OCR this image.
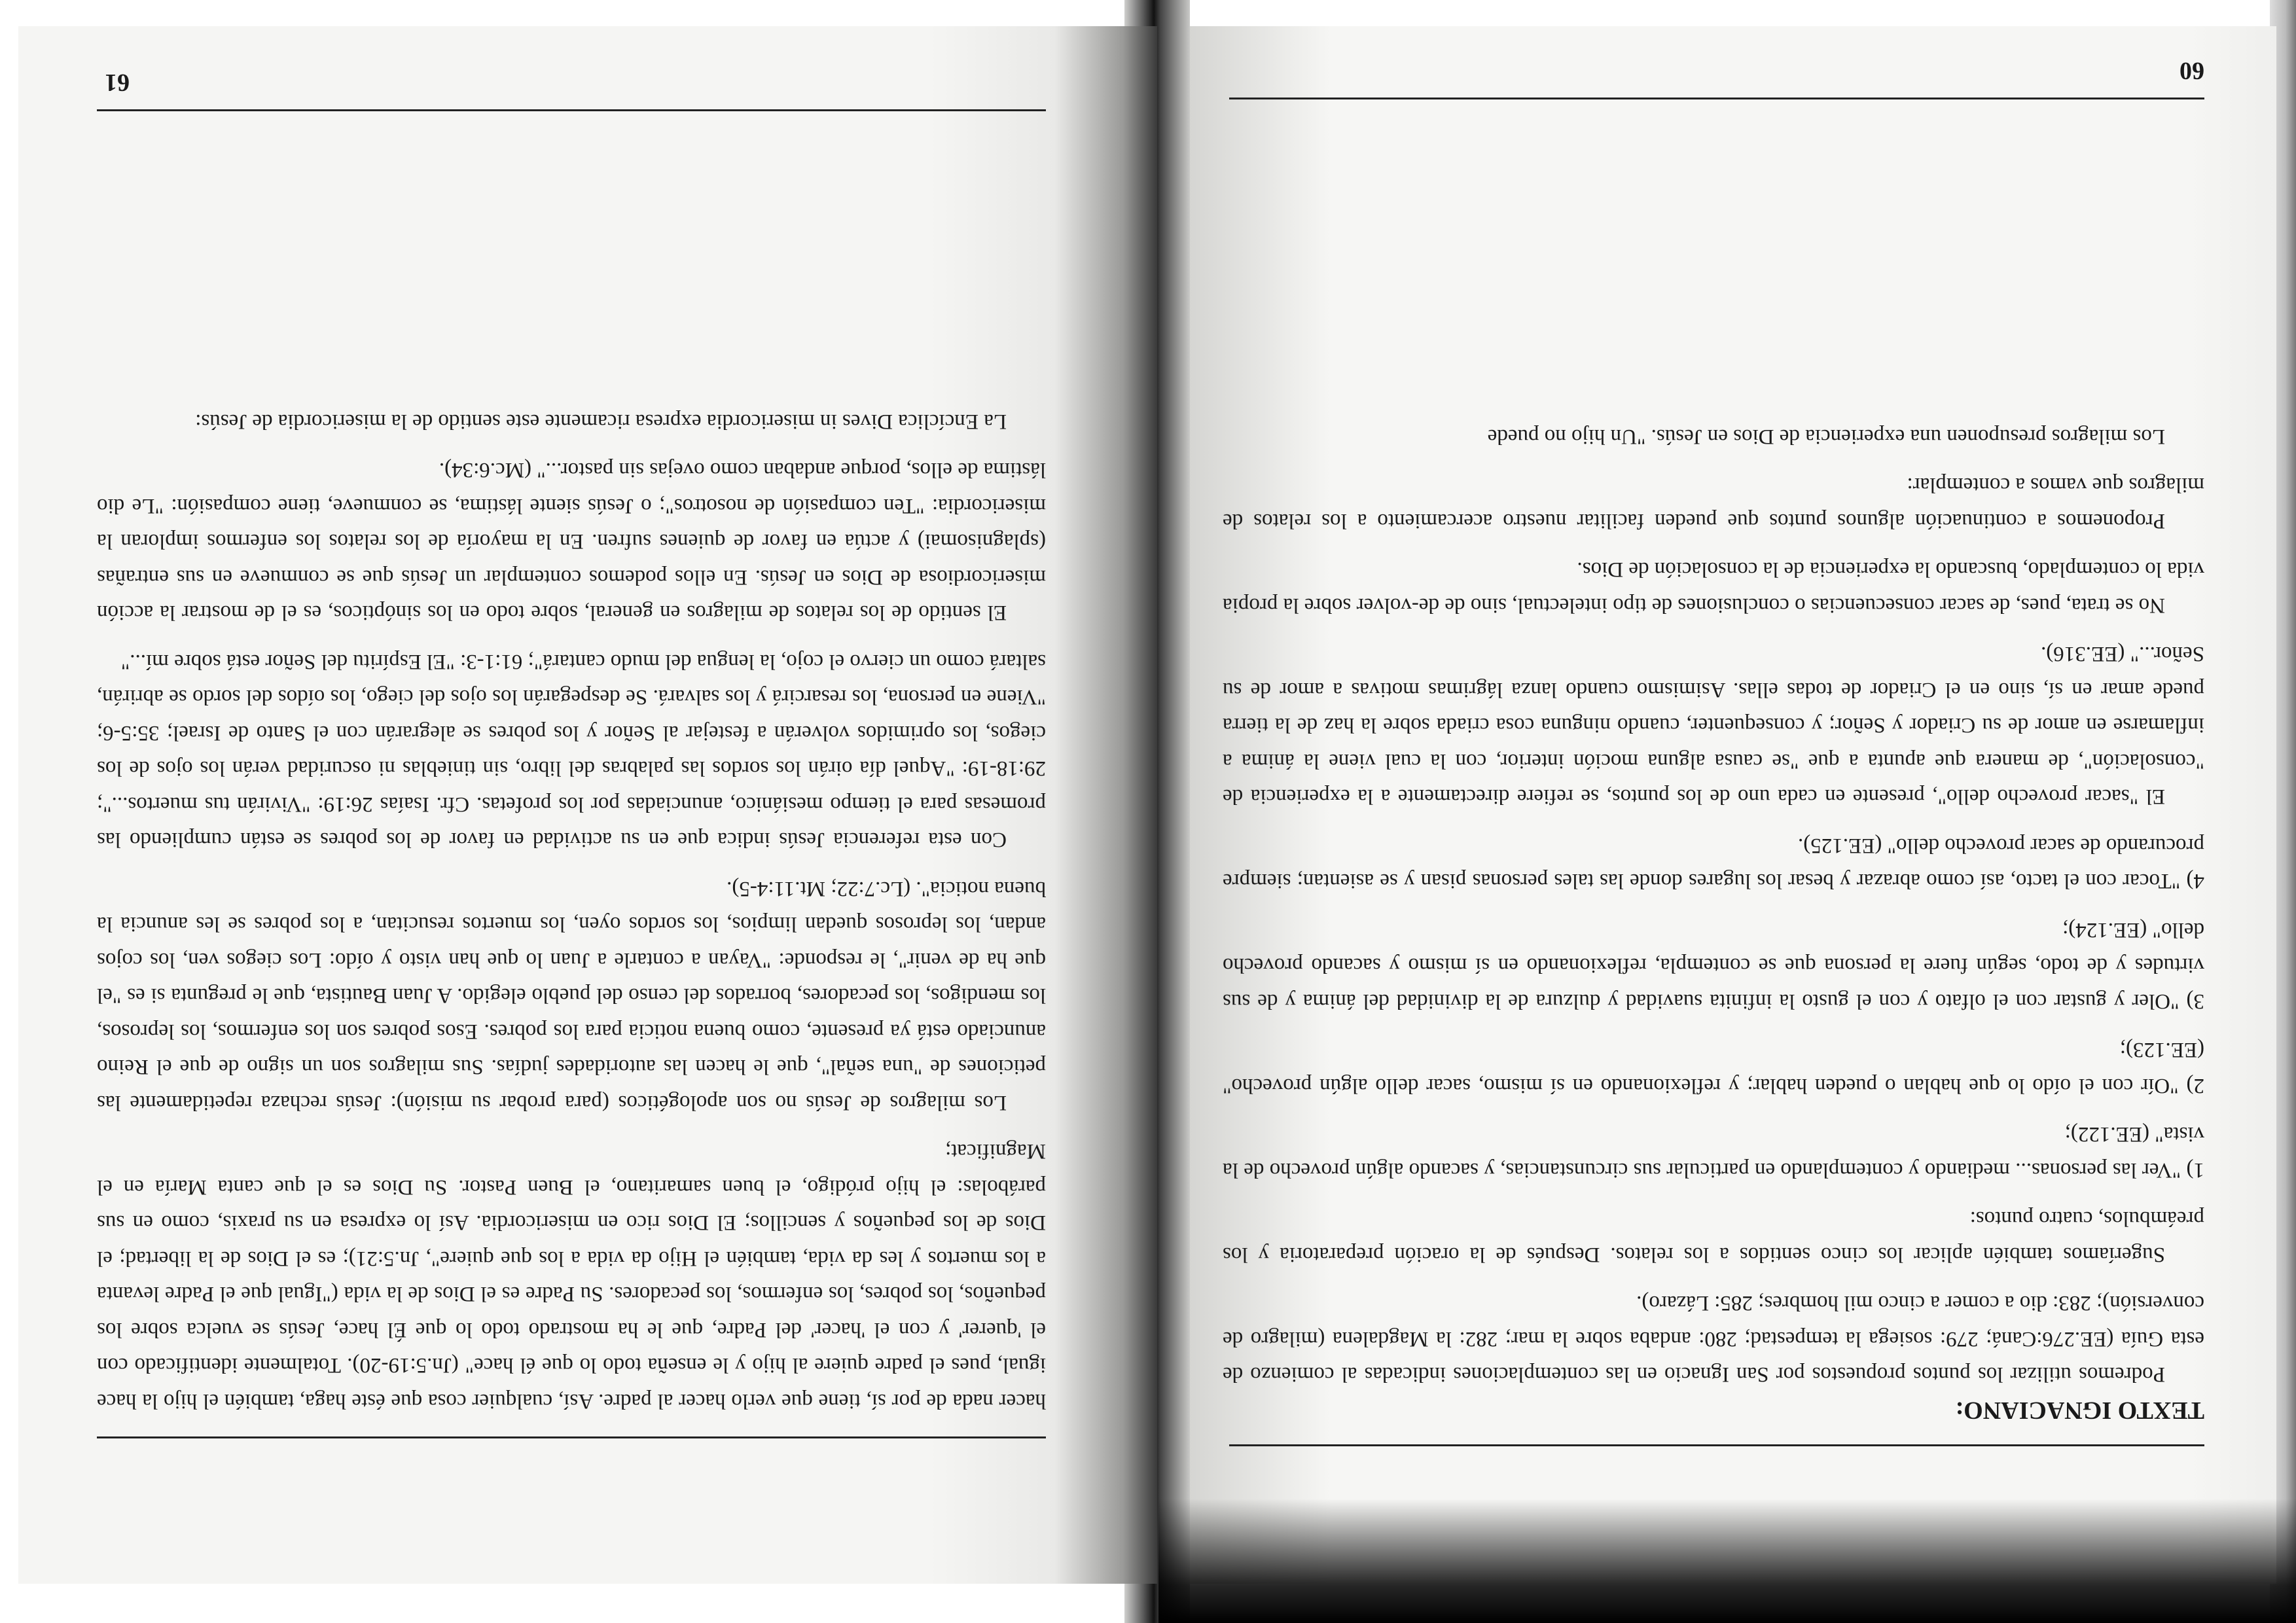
TEXTO IGNACIANO:

Podremos utilizar los puntos propuestos por San Ignacio en las contemplaciones indicadas al comienzo de esta Guía (EE.276:Caná; 279: sosiega la tempestad; 280: andaba sobre la mar; 282: la Magdalena (milagro de conversión); 283: dio a comer a cinco mil hombres; 285: Lázaro).

Sugeríamos también aplicar los cinco sentidos a los relatos. Después de la oración preparatoria y los preámbulos, cuatro puntos:

1) "Ver las personas... mediando y contemplando en particular sus circunstancias, y sacando algún provecho de la vista" (EE.122);

2) "Oír con el oído lo que hablan o pueden hablar; y reflexionando en sí mismo, sacar dello algún provecho" (EE.123);

3) "Oler y gustar con el olfato y con el gusto la infinita suavidad y dulzura de la divinidad del ánima y de sus virtudes y de todo, según fuere la persona que se contempla, reflexionando en sí mismo y sacando provecho dello" (EE.124);

4) "Tocar con el tacto, así como abrazar y besar los lugares donde las tales personas pisan y se asientan; siempre procurando de sacar provecho dello" (EE.125).

El "sacar provecho dello", presente en cada uno de los puntos, se refiere directamente a la experiencia de "consolación", de manera que apunta a que "se causa alguna moción interior, con la cual viene la ánima a inflamarse en amor de su Criador y Señor; y consequenter, cuando ninguna cosa criada sobre la haz de la tierra puede amar en sí, sino en el Criador de todas ellas. Asimismo cuando lanza lágrimas motivas a amor de su Señor..." (EE.316).

No se trata, pues, de sacar consecuencias o conclusiones de tipo intelectual, sino de de-volver sobre la propia vida lo contemplado, buscando la experiencia de la consolación de Dios.

Proponemos a continuación algunos puntos que pueden facilitar nuestro acercamiento a los relatos de milagros que vamos a contemplar:

Los milagros presuponen una experiencia de Dios en Jesús. "Un hijo no puede

60

hacer nada de por sí, tiene que verlo hacer al padre. Así, cualquier cosa que éste haga, también el hijo la hace igual, pues el padre quiere al hijo y le enseña todo lo que él hace" (Jn.5:19-20). Totalmente identificado con el 'querer' y con el 'hacer' del Padre, que le ha mostrado todo lo que Él hace, Jesús se vuelca sobre los pequeños, los pobres, los enfermos, los pecadores. Su Padre es el Dios de la vida ("Igual que el Padre levanta a los muertos y les da vida, también el Hijo da vida a los que quiere", Jn.5:21); es el Dios de la libertad; el Dios de los pequeños y sencillos; El Dios rico en misericordia. Así lo expresa en su praxis, como en sus parábolas: el hijo pródigo, el buen samaritano, el Buen Pastor. Su Dios es el que canta María en el Magnificat;

Los milagros de Jesús no son apologéticos (para probar su misión): Jesús rechaza repetidamente las peticiones de "una señal", que le hacen las autoridades judías. Sus milagros son un signo de que el Reino anunciado está ya presente, como buena noticia para los pobres. Esos pobres son los enfermos, los leprosos, los mendigos, los pecadores, borrados del censo del pueblo elegido. A Juan Bautista, que le pregunta si es "el que ha de venir", le responde: "Vayan a contarle a Juan lo que han visto y oído: Los ciegos ven, los cojos andan, los leprosos quedan limpios, los sordos oyen, los muertos resucitan, a los pobres se les anuncia la buena noticia". (Lc.7:22; Mt.11:4-5).

Con esta referencia Jesús indica que en su actividad en favor de los pobres se están cumpliendo las promesas para el tiempo mesiánico, anunciadas por los profetas. Cfr. Isaías 26:19: "Vivirán tus muertos..."; 29:18-19: "Aquel día oirán los sordos las palabras del libro, sin tinieblas ni oscuridad verán los ojos de los ciegos, los oprimidos volverán a festejar al Señor y los pobres se alegrarán con el Santo de Israel; 35:5-6; "Viene en persona, los resarcirá y los salvará. Se despegarán los ojos del ciego, los oídos del sordo se abrirán, saltará como un ciervo el cojo, la lengua del mudo cantará"; 61:1-3: "El Espíritu del Señor está sobre mí..."

El sentido de los relatos de milagros en general, sobre todo en los sinópticos, es el de mostrar la acción misericordiosa de Dios en Jesús. En ellos podemos contemplar un Jesús que se conmueve en sus entrañas (splagnisomai) y actúa en favor de quienes sufren. En la mayoría de los relatos los enfermos imploran la misericordia: "Ten compasión de nosotros"; o Jesús siente lástima, se conmueve, tiene compasión: "Le dio lástima de ellos, porque andaban como ovejas sin pastor..." (Mc.6:34).

La Encíclica Dives in misericordia expresa ricamente este sentido de la misericordia de Jesús:

61
